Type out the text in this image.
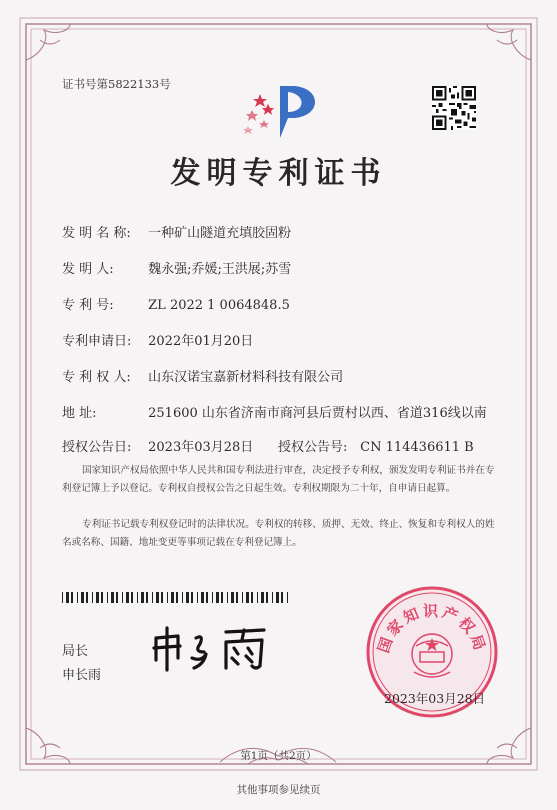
证书号第5822133号
发明专利证书
发 明 名 称: 一种矿山隧道充填胶固粉
发 明 人:	魏永强;乔媛;王洪展;苏雪
专 利 号:	ZL 2022 1 0064848.5
专利申请日: 2022年01月20日
专 利 权 人: 山东汉诺宝嘉新材料科技有限公司
地 址:	251600 山东省济南市商河县后贾村以西、省道316线以南
授权公告日: 2023年03月28日 授权公告号: CN 114436611 B
国家知识产权局依照中华人民共和国专利法进行审查，决定授予专利权，颁发发明专利证书并在专利登记簿上予以登记。专利权自授权公告之日起生效。专利权期限为二十年，自申请日起算。
专利证书记载专利权登记时的法律状况。专利权的转移、质押、无效、终止、恢复和专利权人的姓名或名称、国籍、地址变更等事项记载在专利登记簿上。
局长
申长雨
国家知识产权局
2023年03月28日
第1页（共2页）
其他事项参见续页
